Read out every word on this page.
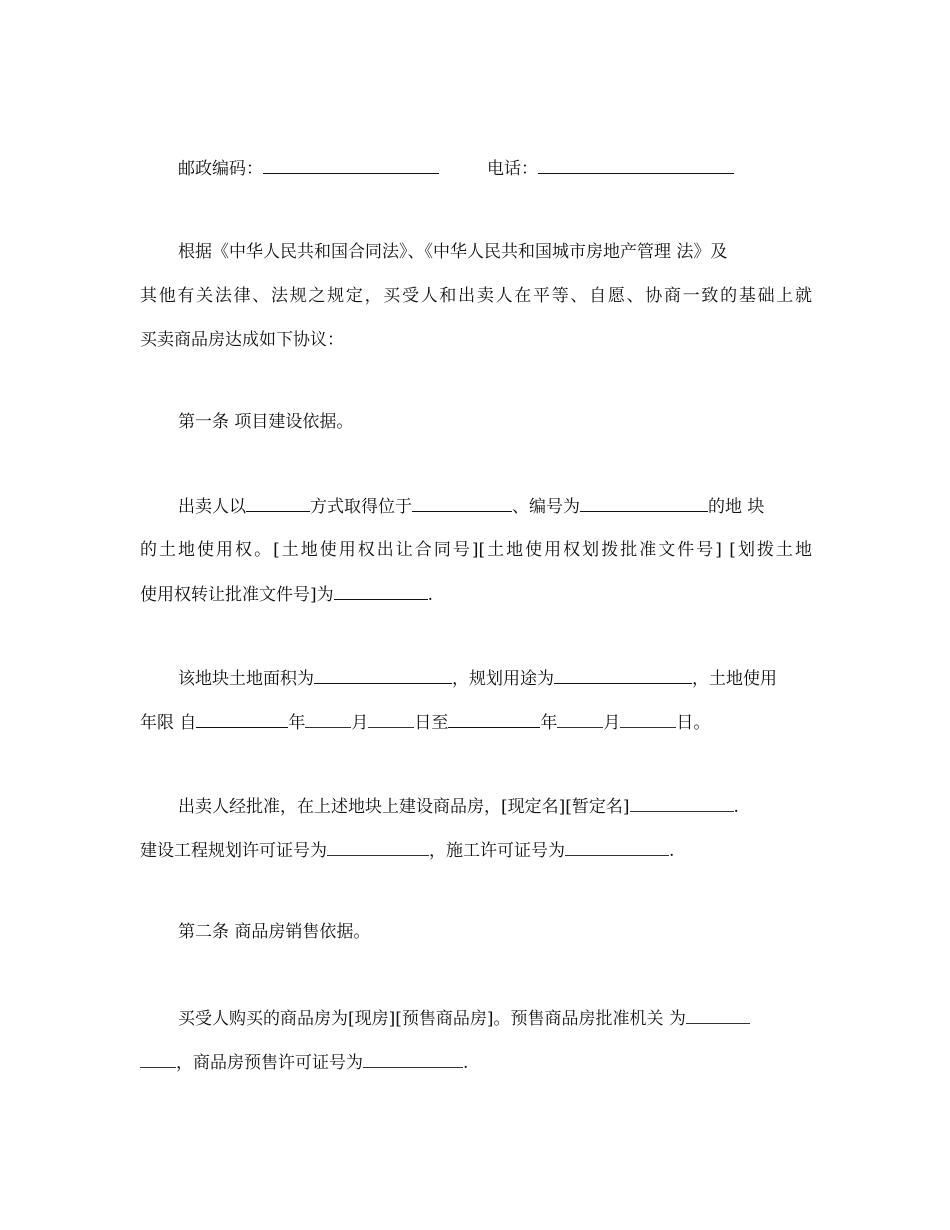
邮政编码：	电话：
根据《中华人民共和国合同法》、《中华人民共和国城市房地产管理 法》及
其他有关法律、法规之规定，买受人和出卖人在平等、自愿、协商一致的基础上就
买卖商品房达成如下协议：
第一条 项目建设依据。
出卖人以	方式取得位于	、编号为	的地 块
的土地使用权。[土地使用权出让合同号][土地使用权划拨批准文件号] [划拨土地
使用权转让批准文件号]为	.
该地块土地面积为	，规划用途为	，土地使用
年限 自	年	月	日至	年	月	日。
出卖人经批准，在上述地块上建设商品房，[现定名][暂定名]	.
建设工程规划许可证号为	，施工许可证号为	.
第二条 商品房销售依据。
买受人购买的商品房为[现房][预售商品房]。预售商品房批准机关 为
，商品房预售许可证号为	.
